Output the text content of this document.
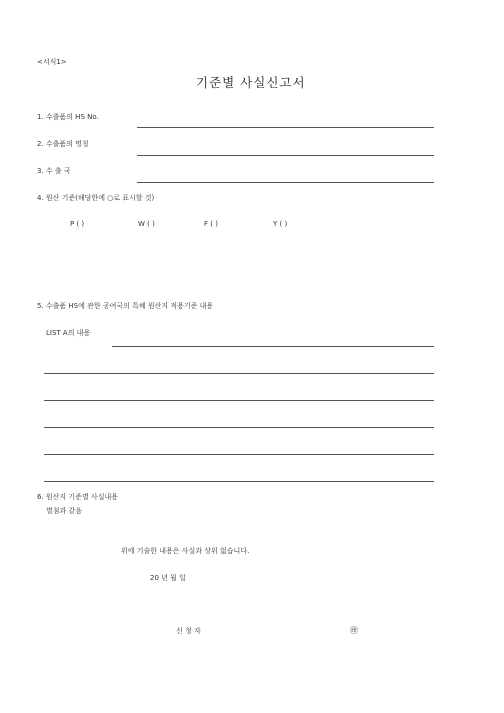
<서식1>
기준별 사실신고서
1. 수출품의 HS No.
2. 수출품의 명칭
3. 수 출 국
4. 원산 기준(해당한에 ○로 표시할 것)
P ( )	W ( )	F ( )	Y ( )
5. 수출품 HS에 관한 공여국의 특혜 원산지 적용기준 내용
LIST A의 내용
6. 원산지 기준별 사실내용
별첨과 같음
위에 기술한 내용은 사실과 상위 없습니다.
20 년 월 일
신 청 자	㊞
